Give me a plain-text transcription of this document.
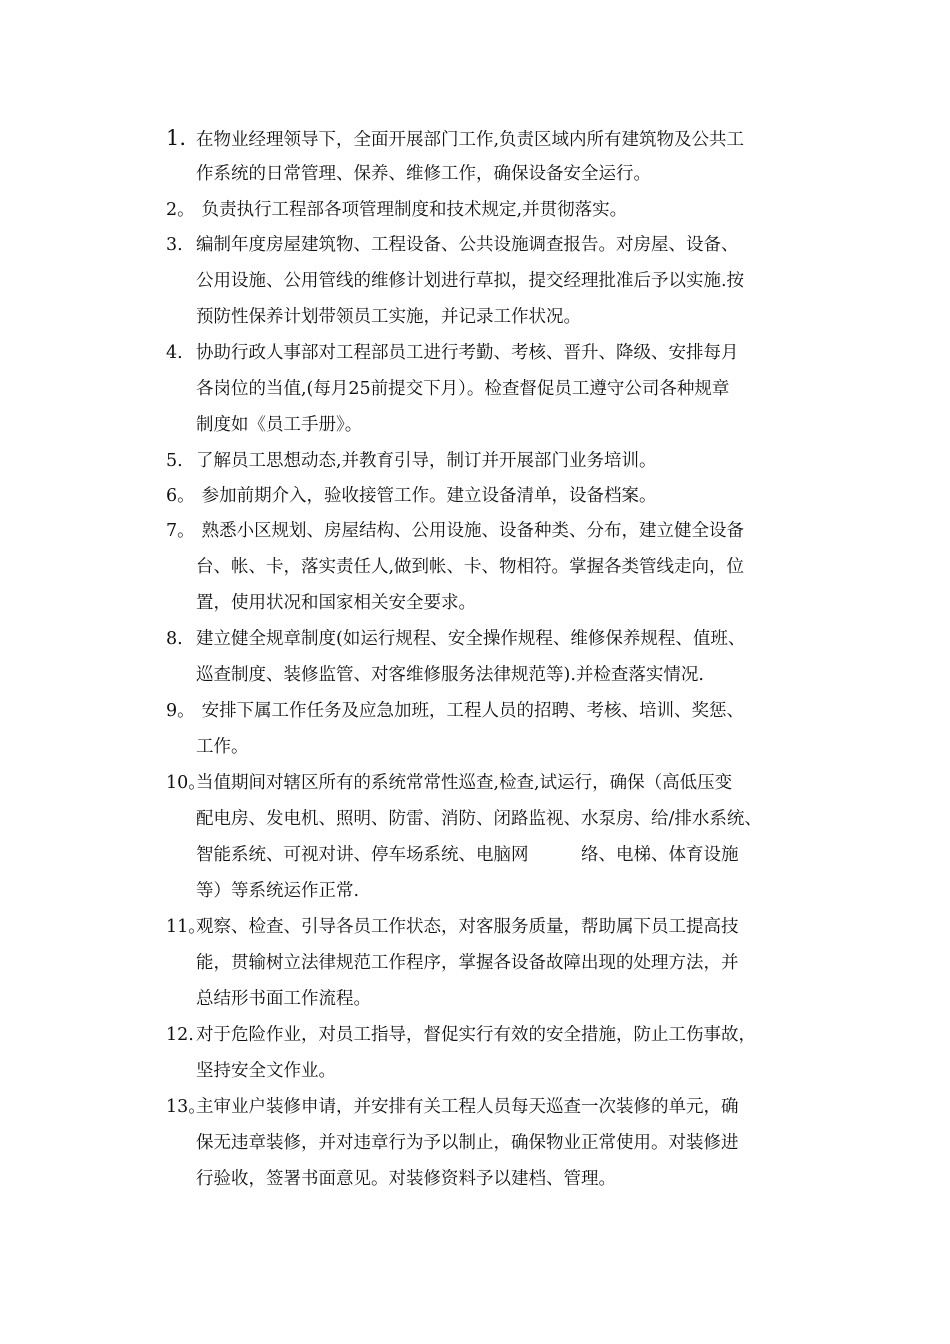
1. 在物业经理领导下，全面开展部门工作,负责区域内所有建筑物及公共工
作系统的日常管理、保养、维修工作，确保设备安全运行。
2。 负责执行工程部各项管理制度和技术规定,并贯彻落实。
3. 编制年度房屋建筑物、工程设备、公共设施调查报告。对房屋、设备、
公用设施、公用管线的维修计划进行草拟，提交经理批准后予以实施.按
预防性保养计划带领员工实施，并记录工作状况。
4. 协助行政人事部对工程部员工进行考勤、考核、晋升、降级、安排每月
各岗位的当值,(每月25前提交下月）。检查督促员工遵守公司各种规章
制度如《员工手册》。
5. 了解员工思想动态,并教育引导，制订并开展部门业务培训。
6。 参加前期介入，验收接管工作。建立设备清单，设备档案。
7。 熟悉小区规划、房屋结构、公用设施、设备种类、分布，建立健全设备
台、帐、卡，落实责任人,做到帐、卡、物相符。掌握各类管线走向，位
置，使用状况和国家相关安全要求。
8. 建立健全规章制度(如运行规程、安全操作规程、维修保养规程、值班、
巡查制度、装修监管、对客维修服务法律规范等).并检查落实情况.
9。 安排下属工作任务及应急加班，工程人员的招聘、考核、培训、奖惩、
工作。
10。当值期间对辖区所有的系统常常性巡查,检查,试运行，确保（高低压变
配电房、发电机、照明、防雷、消防、闭路监视、水泵房、给/排水系统、
智能系统、可视对讲、停车场系统、电脑网　　　络、电梯、体育设施
等）等系统运作正常.
11。观察、检查、引导各员工作状态，对客服务质量，帮助属下员工提高技
能，贯输树立法律规范工作程序，掌握各设备故障出现的处理方法，并
总结形书面工作流程。
12. 对于危险作业，对员工指导，督促实行有效的安全措施，防止工伤事故，
坚持安全文作业。
13。主审业户装修申请，并安排有关工程人员每天巡查一次装修的单元，确
保无违章装修，并对违章行为予以制止，确保物业正常使用。对装修进
行验收，签署书面意见。对装修资料予以建档、管理。
